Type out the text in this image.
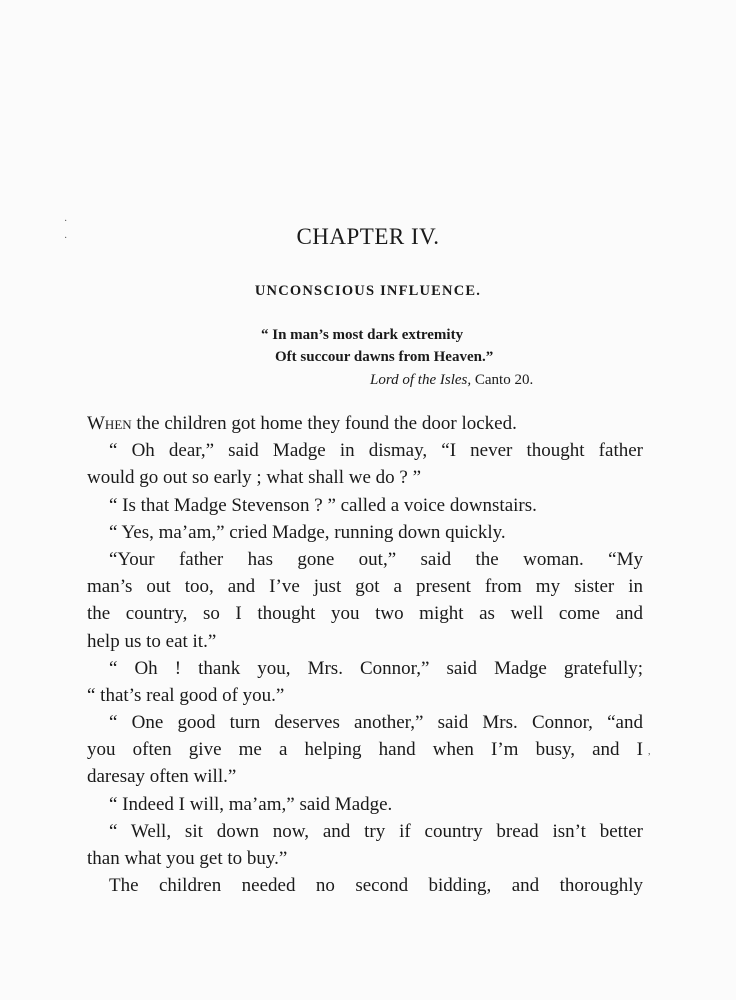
CHAPTER IV.
UNCONSCIOUS INFLUENCE.
“ In man’s most dark extremity
Oft succour dawns from Heaven.”
Lord of the Isles, Canto 20.
When the children got home they found the door locked.
“ Oh dear,” said Madge in dismay, “I never thought father
would go out so early ; what shall we do ? ”
“ Is that Madge Stevenson ? ” called a voice downstairs.
“ Yes, ma’am,” cried Madge, running down quickly.
“Your father has gone out,” said the woman. “My
man’s out too, and I’ve just got a present from my sister in
the country, so I thought you two might as well come and
help us to eat it.”
“ Oh ! thank you, Mrs. Connor,” said Madge gratefully;
“ that’s real good of you.”
“ One good turn deserves another,” said Mrs. Connor, “and
you often give me a helping hand when I’m busy, and I
daresay often will.”
“ Indeed I will, ma’am,” said Madge.
“ Well, sit down now, and try if country bread isn’t better
than what you get to buy.”
The children needed no second bidding, and thoroughly
·
·
,
